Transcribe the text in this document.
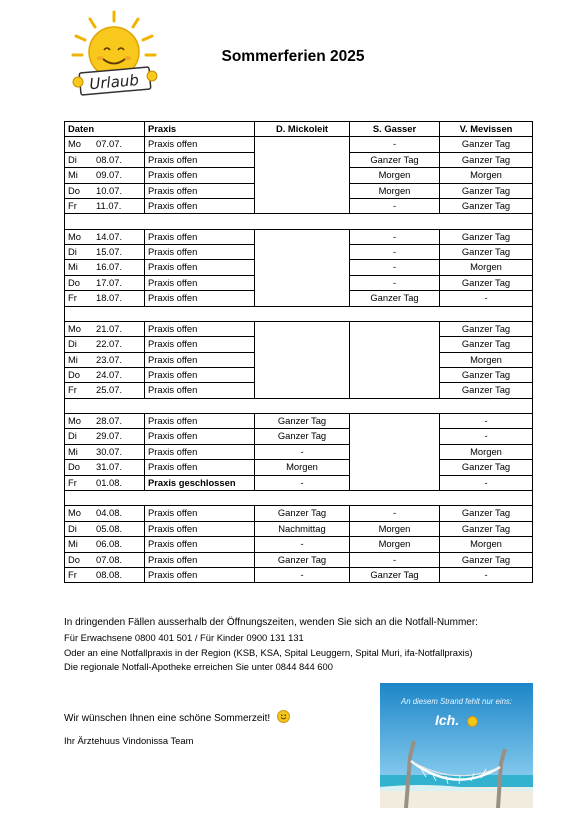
Urlaub
Sommerferien 2025
Daten	Praxis	D. Mickoleit	S. Gasser	V. Mevissen
Mo 07.07.	Praxis offen		-	Ganzer Tag
Di 08.07.	Praxis offen		Ganzer Tag	Ganzer Tag
Mi 09.07.	Praxis offen		Morgen	Morgen
Do 10.07.	Praxis offen		Morgen	Ganzer Tag
Fr 11.07.	Praxis offen		-	Ganzer Tag

Mo 14.07.	Praxis offen		-	Ganzer Tag
Di 15.07.	Praxis offen		-	Ganzer Tag
Mi 16.07.	Praxis offen		-	Morgen
Do 17.07.	Praxis offen		-	Ganzer Tag
Fr 18.07.	Praxis offen		Ganzer Tag	-

Mo 21.07.	Praxis offen			Ganzer Tag
Di 22.07.	Praxis offen			Ganzer Tag
Mi 23.07.	Praxis offen			Morgen
Do 24.07.	Praxis offen			Ganzer Tag
Fr 25.07.	Praxis offen			Ganzer Tag

Mo 28.07.	Praxis offen	Ganzer Tag		-
Di 29.07.	Praxis offen	Ganzer Tag		-
Mi 30.07.	Praxis offen	-		Morgen
Do 31.07.	Praxis offen	Morgen		Ganzer Tag
Fr 01.08.	Praxis geschlossen	-		-

Mo 04.08.	Praxis offen	Ganzer Tag	-	Ganzer Tag
Di 05.08.	Praxis offen	Nachmittag	Morgen	Ganzer Tag
Mi 06.08.	Praxis offen	-	Morgen	Morgen
Do 07.08.	Praxis offen	Ganzer Tag	-	Ganzer Tag
Fr 08.08.	Praxis offen	-	Ganzer Tag	-
In dringenden Fällen ausserhalb der Öffnungszeiten, wenden Sie sich an die Notfall-Nummer:
Für Erwachsene 0800 401 501 / Für Kinder 0900 131 131
Oder an eine Notfallpraxis in der Region (KSB, KSA, Spital Leuggern, Spital Muri, ifa-Notfallpraxis)
Die regionale Notfall-Apotheke erreichen Sie unter 0844 844 600
Wir wünschen Ihnen eine schöne Sommerzeit!
Ihr Ärztehuus Vindonissa Team
An diesem Strand fehlt nur eins:
Ich.
